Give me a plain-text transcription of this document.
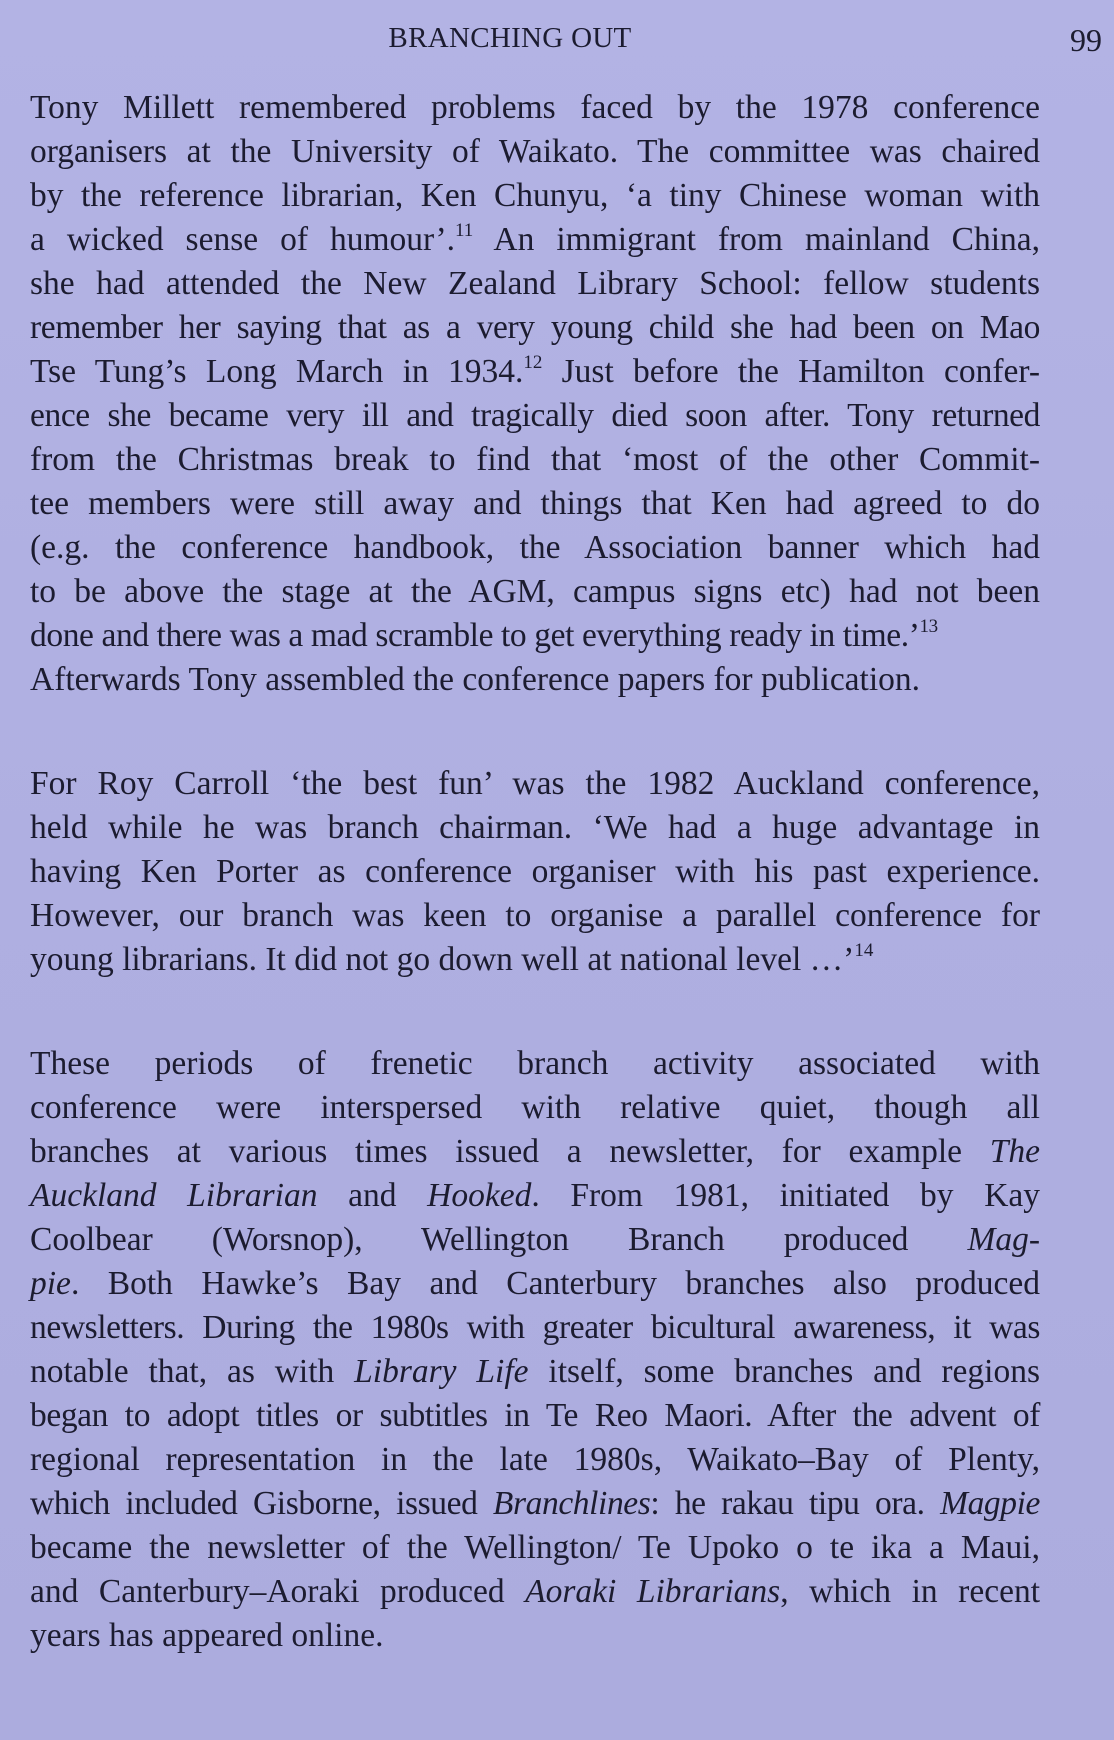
BRANCHING OUT	99
Tony Millett remembered problems faced by the 1978 conference
organisers at the University of Waikato. The committee was chaired
by the reference librarian, Ken Chunyu, ‘a tiny Chinese woman with
a wicked sense of humour’.$^{11}$ An immigrant from mainland China,
she had attended the New Zealand Library School: fellow students
remember her saying that as a very young child she had been on Mao
Tse Tung’s Long March in 1934.12 Just before the Hamilton confer-
ence she became very ill and tragically died soon after. Tony returned
from the Christmas break to find that ‘most of the other Commit-
tee members were still away and things that Ken had agreed to do
(e.g. the conference handbook, the Association banner which had
to be above the stage at the AGM, campus signs etc) had not been
done and there was a mad scramble to get everything ready in time.’$^{13}$
Afterwards Tony assembled the conference papers for publication.
For Roy Carroll ‘the best fun’ was the 1982 Auckland conference,
held while he was branch chairman. ‘We had a huge advantage in
having Ken Porter as conference organiser with his past experience.
However, our branch was keen to organise a parallel conference for
young librarians. It did not go down well at national level …’$^{14}$
These periods of frenetic branch activity associated with
conference were interspersed with relative quiet, though all
branches at various times issued a newsletter, for example The
Auckland Librarian and Hooked. From 1981, initiated by Kay
Coolbear (Worsnop), Wellington Branch produced Mag-
pie. Both Hawke’s Bay and Canterbury branches also produced
newsletters. During the 1980s with greater bicultural awareness, it was
notable that, as with Library Life itself, some branches and regions
began to adopt titles or subtitles in Te Reo Maori. After the advent of
regional representation in the late 1980s, Waikato–Bay of Plenty,
which included Gisborne, issued Branchlines: he rakau tipu ora. Magpie
became the newsletter of the Wellington/ Te Upoko o te ika a Maui,
and Canterbury–Aoraki produced Aoraki Librarians, which in recent
years has appeared online.
